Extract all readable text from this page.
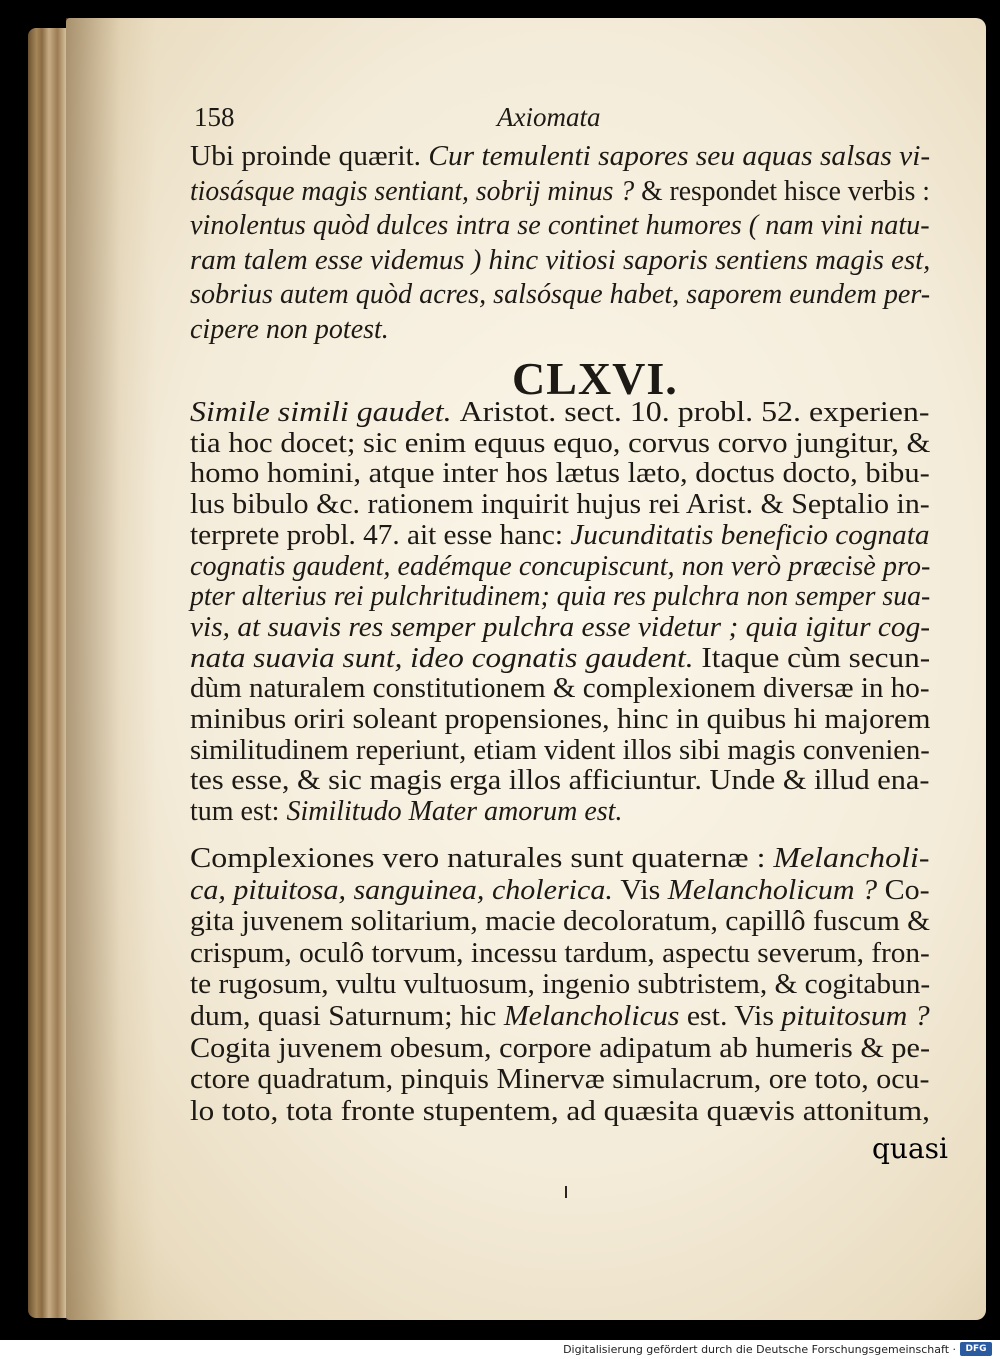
158	Axiomata
Ubi proinde quærit. Cur temulenti sapores seu aquas salsas vi-
tiosásque magis sentiant, sobrij minus ? & respondet hisce verbis :
vinolentus quòd dulces intra se continet humores ( nam vini natu-
ram talem esse videmus ) hinc vitiosi saporis sentiens magis est,
sobrius autem quòd acres, salsósque habet, saporem eundem per-
cipere non potest.
Simile simili gaudet. Aristot. sect. 10. probl. 52. experien-
tia hoc docet; sic enim equus equo, corvus corvo jungitur, &
homo homini, atque inter hos lætus læto, doctus docto, bibu-
lus bibulo &c. rationem inquirit hujus rei Arist. & Septalio in-
terprete probl. 47. ait esse hanc: Jucunditatis beneficio cognata
cognatis gaudent, eadémque concupiscunt, non verò præcisè pro-
pter alterius rei pulchritudinem; quia res pulchra non semper sua-
vis, at suavis res semper pulchra esse videtur ; quia igitur cog-
nata suavia sunt, ideo cognatis gaudent. Itaque cùm secun-
dùm naturalem constitutionem & complexionem diversæ in ho-
minibus oriri soleant propensiones, hinc in quibus hi majorem
similitudinem reperiunt, etiam vident illos sibi magis convenien-
tes esse, & sic magis erga illos afficiuntur. Unde & illud ena-
tum est: Similitudo Mater amorum est.
Complexiones vero naturales sunt quaternæ : Melancholi-
ca, pituitosa, sanguinea, cholerica. Vis Melancholicum ? Co-
gita juvenem solitarium, macie decoloratum, capillô fuscum &
crispum, oculô torvum, incessu tardum, aspectu severum, fron-
te rugosum, vultu vultuosum, ingenio subtristem, & cogitabun-
dum, quasi Saturnum; hic Melancholicus est. Vis pituitosum ?
Cogita juvenem obesum, corpore adipatum ab humeris & pe-
ctore quadratum, pinquis Minervæ simulacrum, ore toto, ocu-
lo toto, tota fronte stupentem, ad quæsita quævis attonitum,
CLXVI.
quasi
Digitalisierung gefördert durch die Deutsche Forschungsgemeinschaft ·	DFG
